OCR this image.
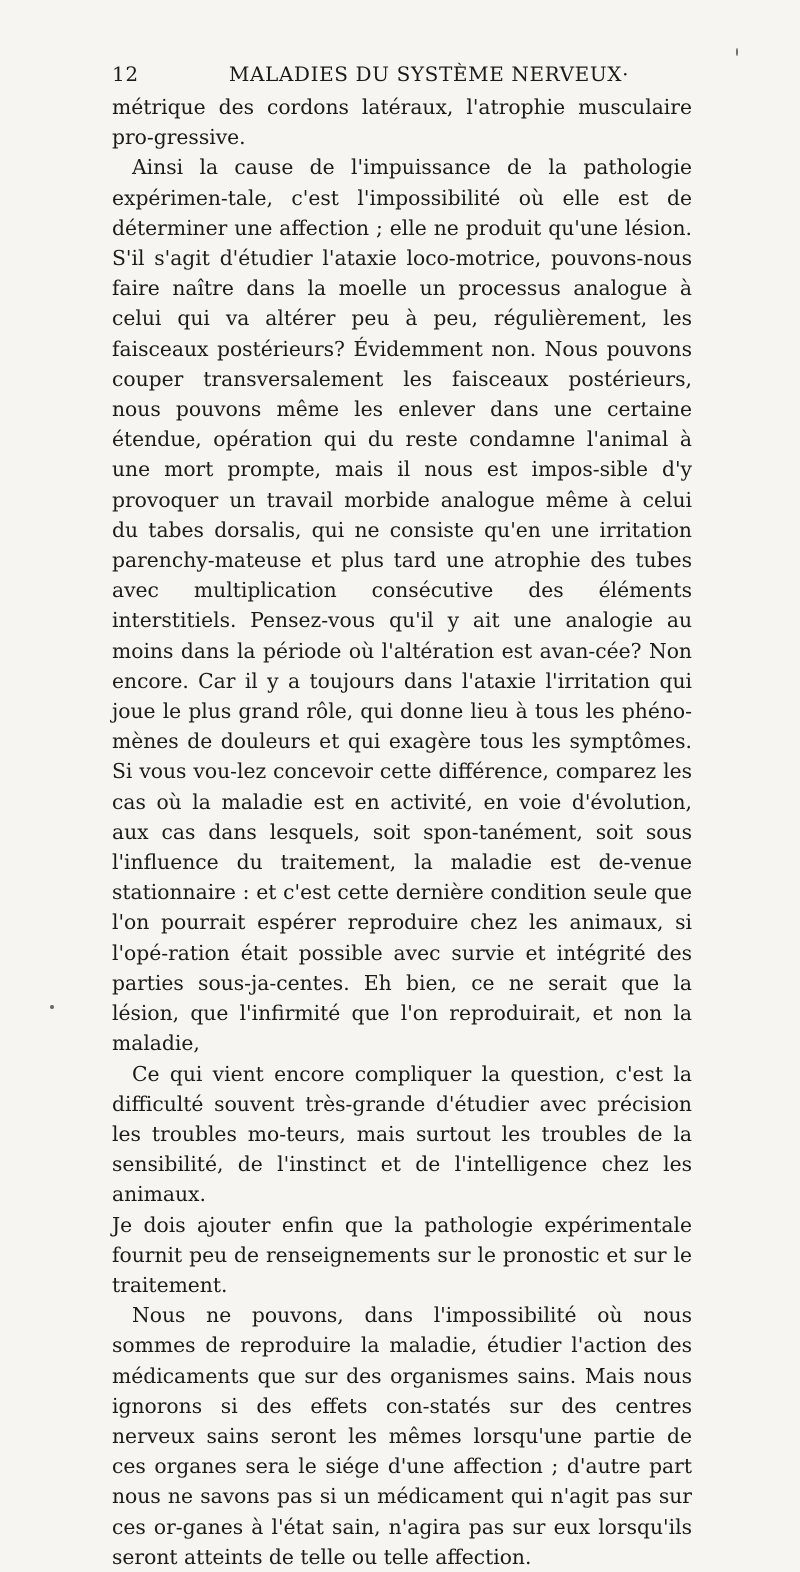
12	MALADIES DU SYSTÈME NERVEUX·

métrique des cordons latéraux, l'atrophie musculaire pro-gressive.

Ainsi la cause de l'impuissance de la pathologie expérimen-tale, c'est l'impossibilité où elle est de déterminer une affection ; elle ne produit qu'une lésion. S'il s'agit d'étudier l'ataxie loco-motrice, pouvons-nous faire naître dans la moelle un processus analogue à celui qui va altérer peu à peu, régulièrement, les faisceaux postérieurs? Évidemment non. Nous pouvons couper transversalement les faisceaux postérieurs, nous pouvons même les enlever dans une certaine étendue, opération qui du reste condamne l'animal à une mort prompte, mais il nous est impos-sible d'y provoquer un travail morbide analogue même à celui du tabes dorsalis, qui ne consiste qu'en une irritation parenchy-mateuse et plus tard une atrophie des tubes avec multiplication consécutive des éléments interstitiels. Pensez-vous qu'il y ait une analogie au moins dans la période où l'altération est avan-cée? Non encore. Car il y a toujours dans l'ataxie l'irritation qui joue le plus grand rôle, qui donne lieu à tous les phéno-mènes de douleurs et qui exagère tous les symptômes. Si vous vou-lez concevoir cette différence, comparez les cas où la maladie est en activité, en voie d'évolution, aux cas dans lesquels, soit spon-tanément, soit sous l'influence du traitement, la maladie est de-venue stationnaire : et c'est cette dernière condition seule que l'on pourrait espérer reproduire chez les animaux, si l'opé-ration était possible avec survie et intégrité des parties sous-ja-centes. Eh bien, ce ne serait que la lésion, que l'infirmité que l'on reproduirait, et non la maladie,

Ce qui vient encore compliquer la question, c'est la difficulté souvent très-grande d'étudier avec précision les troubles mo-teurs, mais surtout les troubles de la sensibilité, de l'instinct et de l'intelligence chez les animaux.

Je dois ajouter enfin que la pathologie expérimentale fournit peu de renseignements sur le pronostic et sur le traitement.

Nous ne pouvons, dans l'impossibilité où nous sommes de reproduire la maladie, étudier l'action des médicaments que sur des organismes sains. Mais nous ignorons si des effets con-statés sur des centres nerveux sains seront les mêmes lorsqu'une partie de ces organes sera le siége d'une affection ; d'autre part nous ne savons pas si un médicament qui n'agit pas sur ces or-ganes à l'état sain, n'agira pas sur eux lorsqu'ils seront atteints de telle ou telle affection.
